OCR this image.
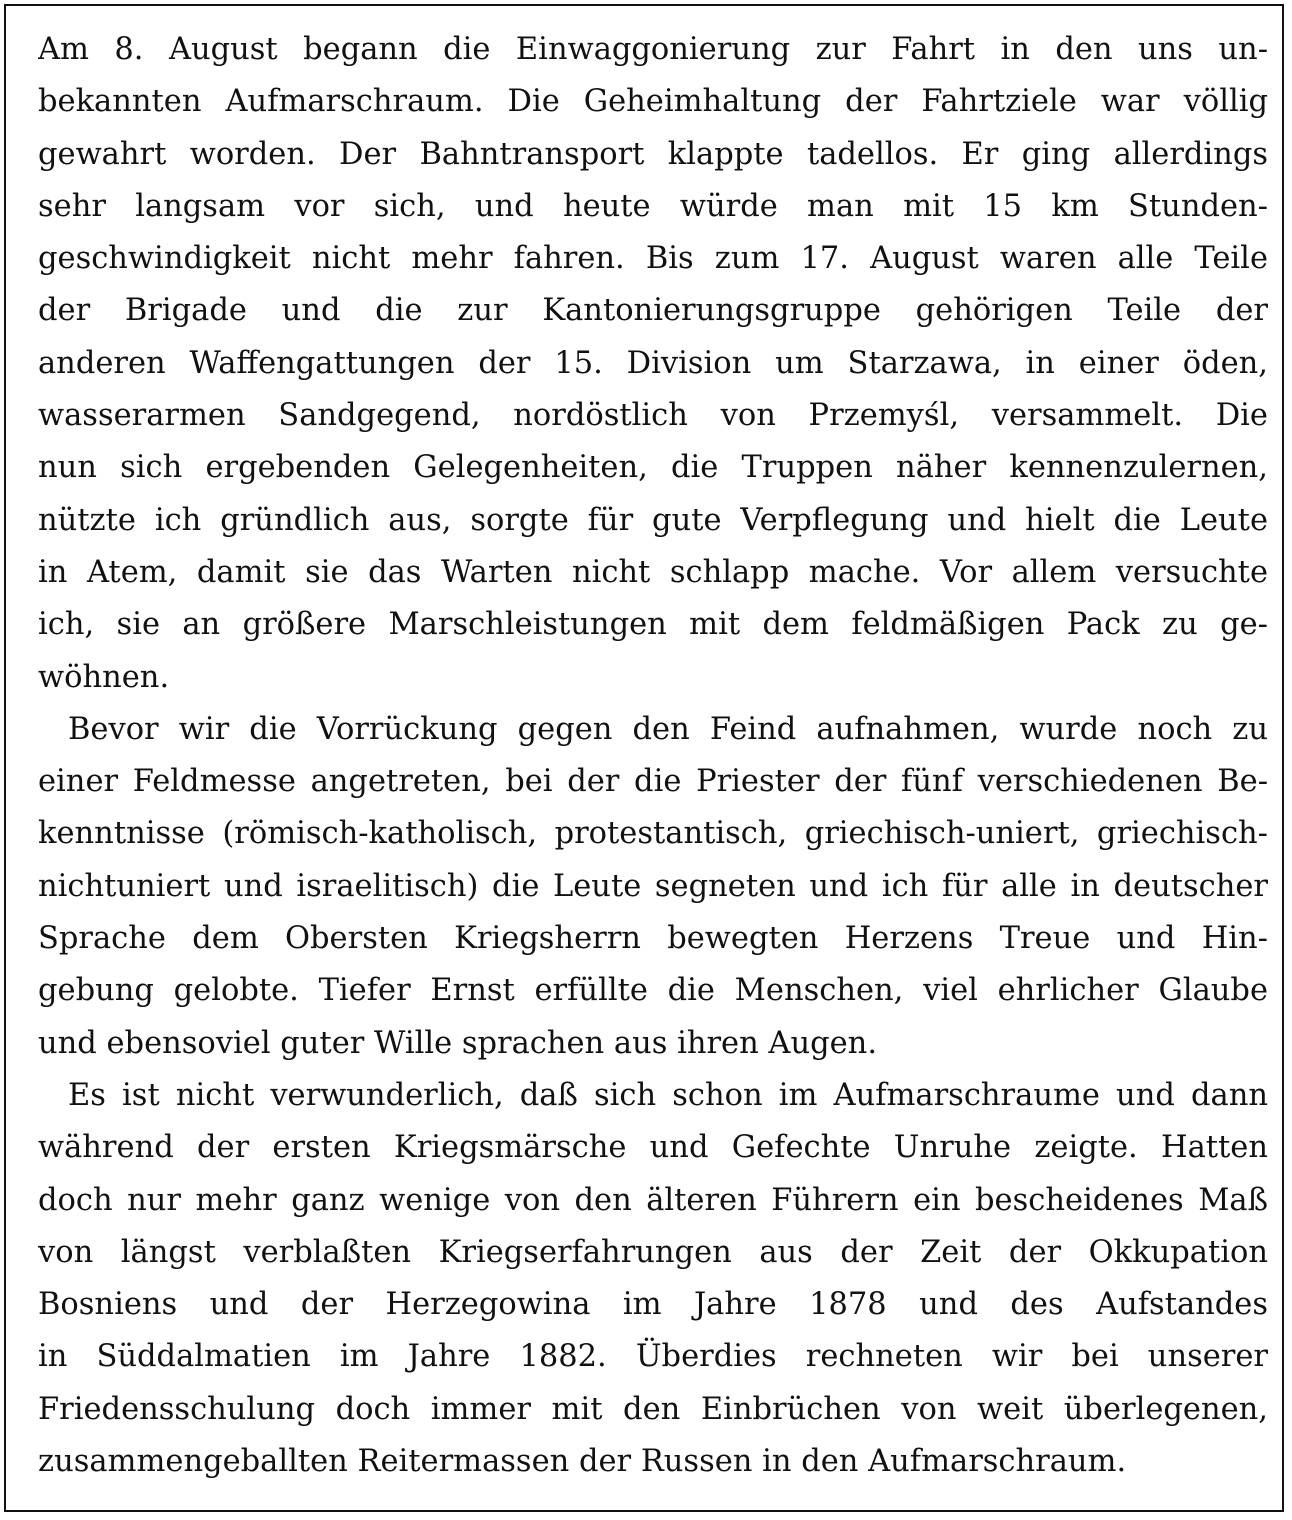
Am 8. August begann die Einwaggonierung zur Fahrt in den uns un-
bekannten Aufmarschraum. Die Geheimhaltung der Fahrtziele war völlig
gewahrt worden. Der Bahntransport klappte tadellos. Er ging allerdings
sehr langsam vor sich, und heute würde man mit 15 km Stunden-
geschwindigkeit nicht mehr fahren. Bis zum 17. August waren alle Teile
der Brigade und die zur Kantonierungsgruppe gehörigen Teile der
anderen Waffengattungen der 15. Division um Starzawa, in einer öden,
wasserarmen Sandgegend, nordöstlich von Przemyśl, versammelt. Die
nun sich ergebenden Gelegenheiten, die Truppen näher kennenzulernen,
nützte ich gründlich aus, sorgte für gute Verpflegung und hielt die Leute
in Atem, damit sie das Warten nicht schlapp mache. Vor allem versuchte
ich, sie an größere Marschleistungen mit dem feldmäßigen Pack zu ge-
wöhnen.
Bevor wir die Vorrückung gegen den Feind aufnahmen, wurde noch zu
einer Feldmesse angetreten, bei der die Priester der fünf verschiedenen Be-
kenntnisse (römisch-katholisch, protestantisch, griechisch-uniert, griechisch-
nichtuniert und israelitisch) die Leute segneten und ich für alle in deutscher
Sprache dem Obersten Kriegsherrn bewegten Herzens Treue und Hin-
gebung gelobte. Tiefer Ernst erfüllte die Menschen, viel ehrlicher Glaube
und ebensoviel guter Wille sprachen aus ihren Augen.
Es ist nicht verwunderlich, daß sich schon im Aufmarschraume und dann
während der ersten Kriegsmärsche und Gefechte Unruhe zeigte. Hatten
doch nur mehr ganz wenige von den älteren Führern ein bescheidenes Maß
von längst verblaßten Kriegserfahrungen aus der Zeit der Okkupation
Bosniens und der Herzegowina im Jahre 1878 und des Aufstandes
in Süddalmatien im Jahre 1882. Überdies rechneten wir bei unserer
Friedensschulung doch immer mit den Einbrüchen von weit überlegenen,
zusammengeballten Reitermassen der Russen in den Aufmarschraum.
